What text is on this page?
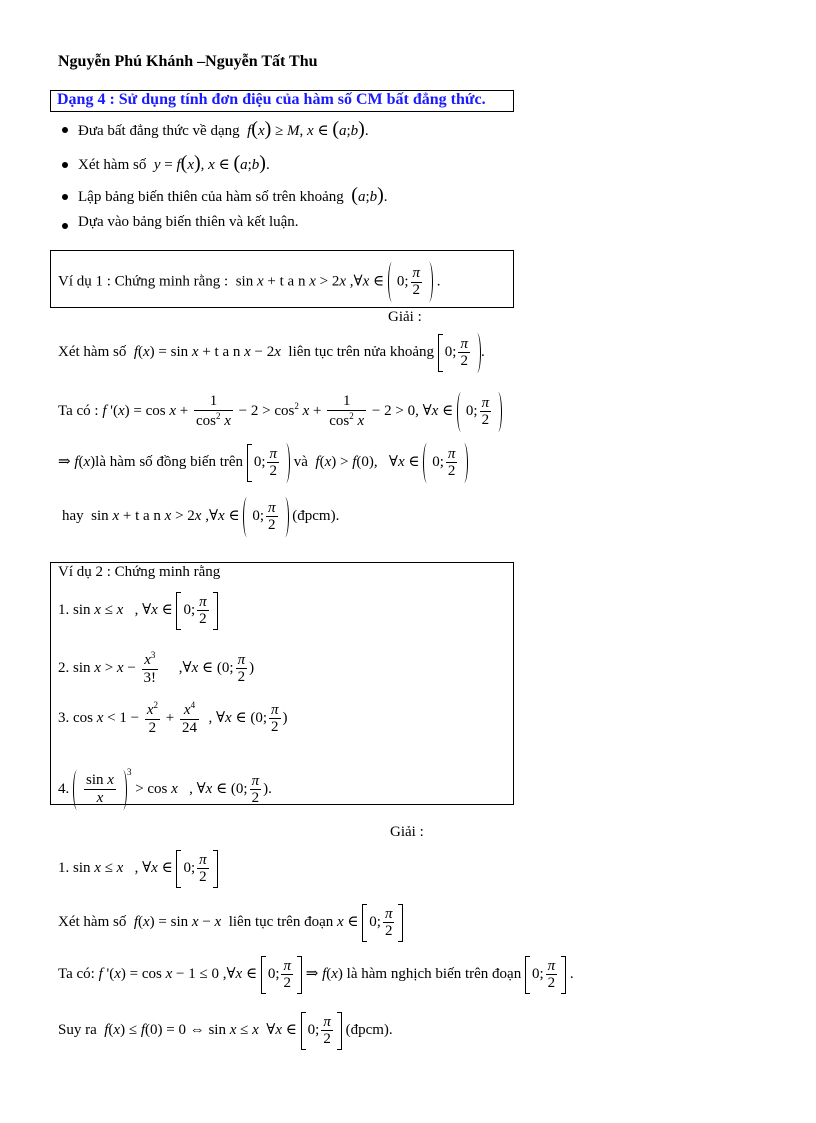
Nguyễn Phú Khánh –Nguyễn Tất Thu
Dạng 4 : Sử dụng tính đơn điệu của hàm số CM bất đẳng thức.
Đưa bất đẳng thức về dạng  f(x) ≥ M, x ∈ (a;b).
Xét hàm số  y = f(x), x ∈ (a;b).
Lập bảng biến thiên của hàm số trên khoảng (a;b).
Dựa vào bảng biến thiên và kết luận.
Ví dụ 1 : Chứng minh rằng : sin x + t a n x > 2x ,∀x ∈ 0; $\frac{\pi}{2}$ .
Giải :
Xét hàm số f(x) = sin x + t a n x − 2x liên tục trên nửa khoảng 0; $\frac{\pi}{2}$ .
Ta có : f '$(x) = \cos x + \frac{1}{\cos^2 x} - 2 > \cos^2 x + \frac{1}{\cos^2 x} - 2 > 0$, ∀x ∈ 0; $\frac{\pi}{2}$
⇒ f(x)là hàm số đồng biến trên 0; $\frac{\pi}{2}$ và f(x) > f(0),   ∀x ∈ 0; $\frac{\pi}{2}$
hay  sin x + t a n x > 2x ,∀x ∈ 0; $\frac{\pi}{2}$ (đpcm).
Ví dụ 2 : Chứng minh rằng
1. sin x ≤ x   , ∀x ∈ 0; $\frac{\pi}{2}$
2. $\sin x > x - \frac{x^3}{3!}$ ,∀x ∈ (0; $\frac{\pi}{2}$ )
3. $\cos x < 1 - \frac{x^2}{2} + \frac{x^4}{24}$ , ∀x ∈ (0; $\frac{\pi}{2}$ )
4. $\frac{\text{sin x}}{x} ^3 > \cos x$   , ∀x ∈ (0; $\frac{\pi}{2}$ ).
Giải :
1. sin x ≤ x   , ∀x ∈ 0; $\frac{\pi}{2}$
Xét hàm số f(x) = sin x − x liên tục trên đoạn x ∈ 0; $\frac{\pi}{2}$
Ta có: f '(x) = cos x − 1 ≤ 0 ,∀x ∈ 0; $\frac{\pi}{2}$ ⇒ f(x) là hàm nghịch biến trên đoạn 0; $\frac{\pi}{2}$ .
Suy ra f(x) ≤ f(0) = 0 ⇔ sin x ≤ x  ∀x ∈ 0; $\frac{\pi}{2}$ (đpcm).
